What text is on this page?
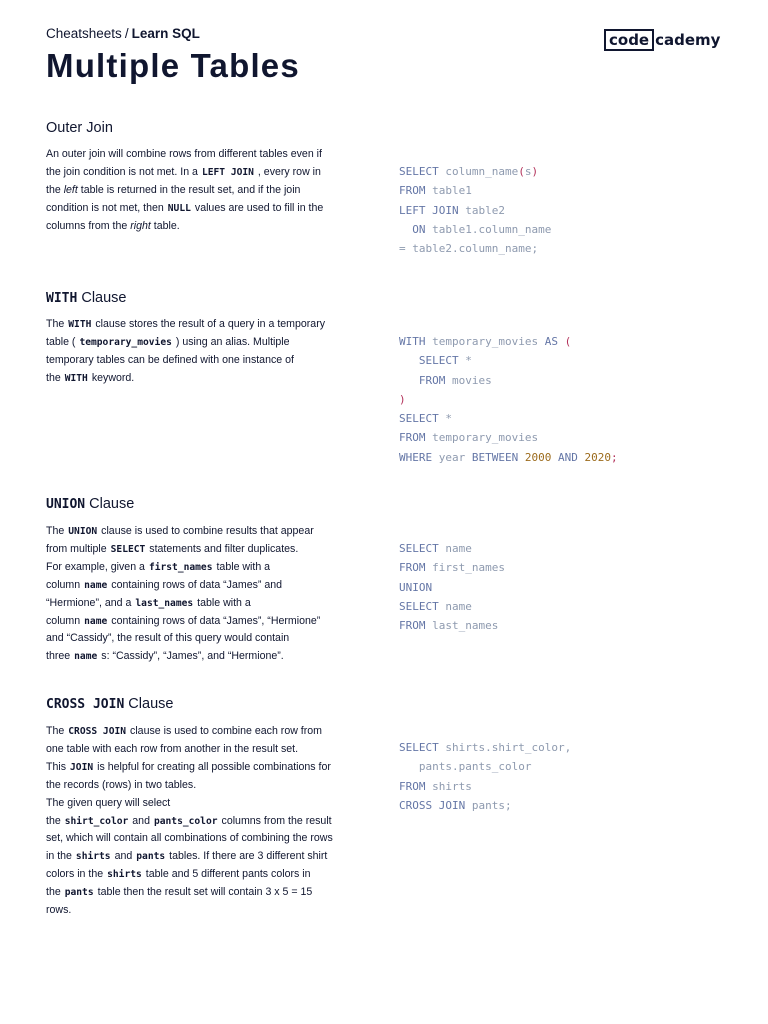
Cheatsheets / Learn SQL	code cademy
Multiple Tables
Outer Join

An outer join will combine rows from different tables even if the join condition is not met. In a LEFT JOIN , every row in the left table is returned in the result set, and if the join condition is not met, then NULL values are used to fill in the columns from the right table.

SELECT column_name(s)
FROM table1
LEFT JOIN table2
ON table1.column_name
= table2.column_name;
WITH Clause

The WITH clause stores the result of a query in a temporary table ( temporary_movies ) using an alias. Multiple temporary tables can be defined with one instance of the WITH keyword.

WITH temporary_movies AS (
SELECT *
FROM movies
)
SELECT *
FROM temporary_movies
WHERE year BETWEEN 2000 AND 2020;
UNION Clause

The UNION clause is used to combine results that appear from multiple SELECT statements and filter duplicates.

For example, given a first_names table with a column name containing rows of data “James” and “Hermione”, and a last_names table with a column name containing rows of data “James”, “Hermione” and “Cassidy”, the result of this query would contain three name s: “Cassidy”, “James”, and “Hermione”.

SELECT name
FROM first_names
UNION
SELECT name
FROM last_names
CROSS JOIN Clause

The CROSS JOIN clause is used to combine each row from one table with each row from another in the result set. This JOIN is helpful for creating all possible combinations for the records (rows) in two tables.

The given query will select the shirt_color and pants_color columns from the result set, which will contain all combinations of combining the rows in the shirts and pants tables. If there are 3 different shirt colors in the shirts table and 5 different pants colors in the pants table then the result set will contain 3 x 5 = 15 rows.

SELECT shirts.shirt_color,
pants.pants_color
FROM shirts
CROSS JOIN pants;
